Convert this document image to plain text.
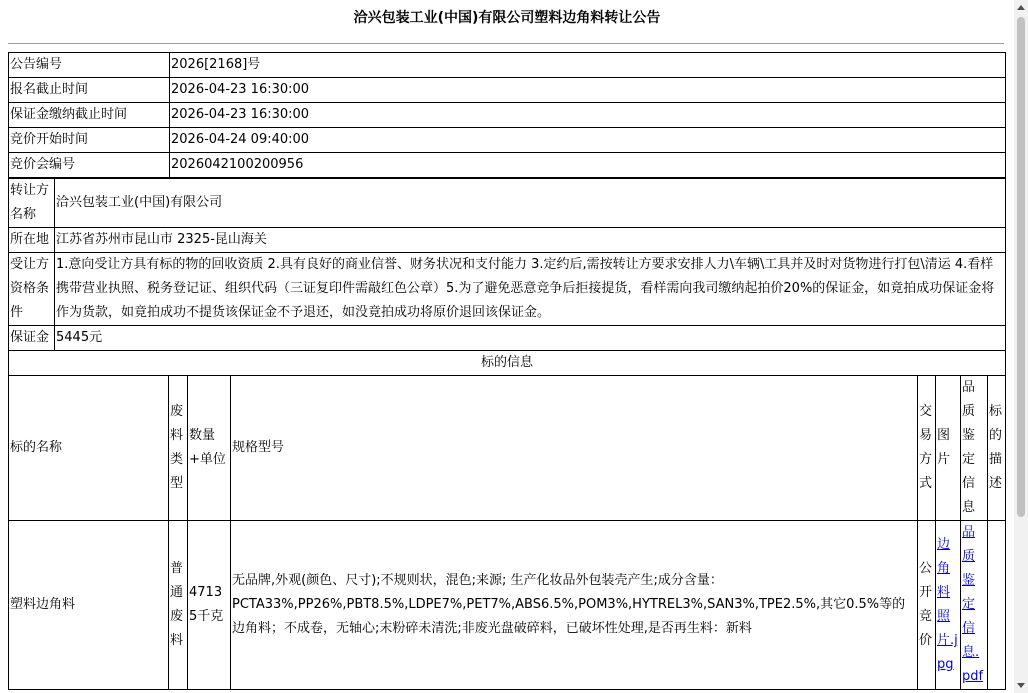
洽兴包装工业(中国)有限公司塑料边角料转让公告
公告编号	2026[2168]号
报名截止时间	2026-04-23 16:30:00
保证金缴纳截止时间	2026-04-23 16:30:00
竞价开始时间	2026-04-24 09:40:00
竞价会编号	2026042100200956
转让方名称	洽兴包装工业(中国)有限公司
所在地	江苏省苏州市昆山市 2325-昆山海关
受让方资格条件	1.意向受让方具有标的物的回收资质 2.具有良好的商业信誉、财务状况和支付能力 3.定约后,需按转让方要求安排人力\车辆\工具并及时对货物进行打包\清运 4.看样携带营业执照、税务登记证、组织代码（三证复印件需敲红色公章）5.为了避免恶意竞争后拒接提货，看样需向我司缴纳起拍价20%的保证金，如竟拍成功保证金将作为货款，如竟拍成功不提货该保证金不予退还，如没竟拍成功将原价退回该保证金。
保证金	5445元
标的信息							
标的名称	废料类型	数量+单位	规格型号	交易方式	图片	品质鉴定信息	标的描述
塑料边角料	普通废料	47135千克	无品牌,外观(颜色、尺寸);不规则状，混色;来源; 生产化妆品外包装壳产生;成分含量：PCTA33%,PP26%,PBT8.5%,LDPE7%,PET7%,ABS6.5%,POM3%,HYTREL3%,SAN3%,TPE2.5%,其它0.5%等的边角料；不成卷，无轴心;末粉碎未清洗;非废光盘破碎料，已破坏性处理,是否再生料：新料	公开竞价	边角料照片.jpg	品质鉴定信息.pdf	
